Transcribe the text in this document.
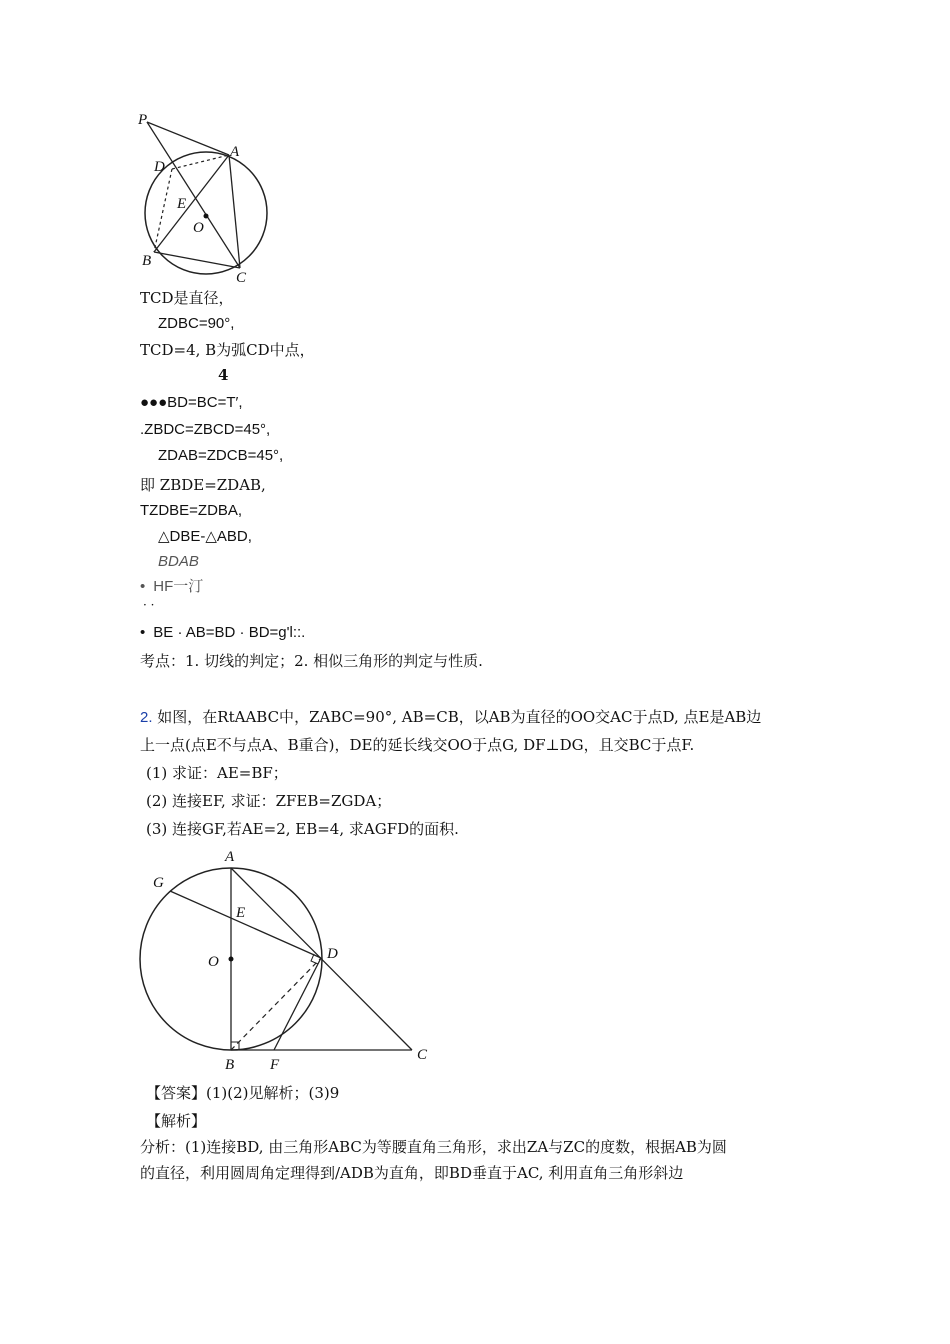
P
A
D
E
O
B
C
TCD是直径，
ZDBC=90°,
TCD=4, B为弧CD中点，
4
●●●BD=BC=T′,
.ZBDC=ZBCD=45°,
ZDAB=ZDCB=45°,
即 ZBDE=ZDAB,
TZDBE=ZDBA,
△DBE-△ABD,
BDAB
• HF一汀
· ·
• BE · AB=BD · BD=g'l::.
考点：1. 切线的判定；2. 相似三角形的判定与性质.
2. 如图，在RtAABC中，ZABC=90°, AB=CB，以AB为直径的OO交AC于点D, 点E是AB边
上一点(点E不与点A、B重合)，DE的延长线交OO于点G, DF⊥DG，且交BC于点F.
(1) 求证：AE=BF；
(2) 连接EF, 求证：ZFEB=ZGDA；
(3) 连接GF,若AE=2, EB=4, 求AGFD的面积.
A
G
E
O	D
B F
C
【答案】(1)(2)见解析；(3)9
【解析】
分析：(1)连接BD, 由三角形ABC为等腰直角三角形，求出ZA与ZC的度数，根据AB为圆
的直径，利用圆周角定理得到/ADB为直角，即BD垂直于AC, 利用直角三角形斜边
